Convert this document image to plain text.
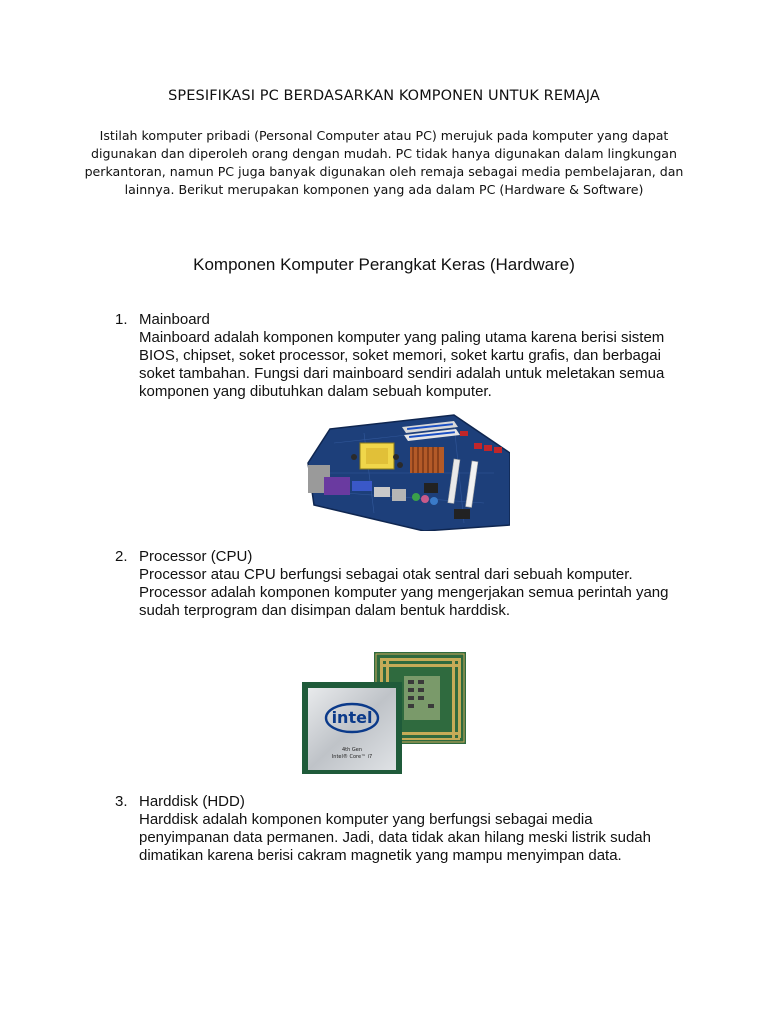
SPESIFIKASI PC BERDASARKAN KOMPONEN UNTUK REMAJA

Istilah komputer pribadi (Personal Computer atau PC) merujuk pada komputer yang dapat digunakan dan diperoleh orang dengan mudah. PC tidak hanya digunakan dalam lingkungan perkantoran, namun PC juga banyak digunakan oleh remaja sebagai media pembelajaran, dan lainnya. Berikut merupakan komponen yang ada dalam PC (Hardware & Software)

Komponen Komputer Perangkat Keras (Hardware)
1. Mainboard
Mainboard adalah komponen komputer yang paling utama karena berisi sistem BIOS, chipset, soket processor, soket memori, soket kartu grafis, dan berbagai soket tambahan. Fungsi dari mainboard sendiri adalah untuk meletakan semua komponen yang dibutuhkan dalam sebuah komputer.
2. Processor (CPU)
Processor atau CPU berfungsi sebagai otak sentral dari sebuah komputer. Processor adalah komponen komputer yang mengerjakan semua perintah yang sudah terprogram dan disimpan dalam bentuk harddisk.
intel
4th Gen
Intel® Core™ i7
3. Harddisk (HDD)
Harddisk adalah komponen komputer yang berfungsi sebagai media penyimpanan data permanen. Jadi, data tidak akan hilang meski listrik sudah dimatikan karena berisi cakram magnetik yang mampu menyimpan data.
